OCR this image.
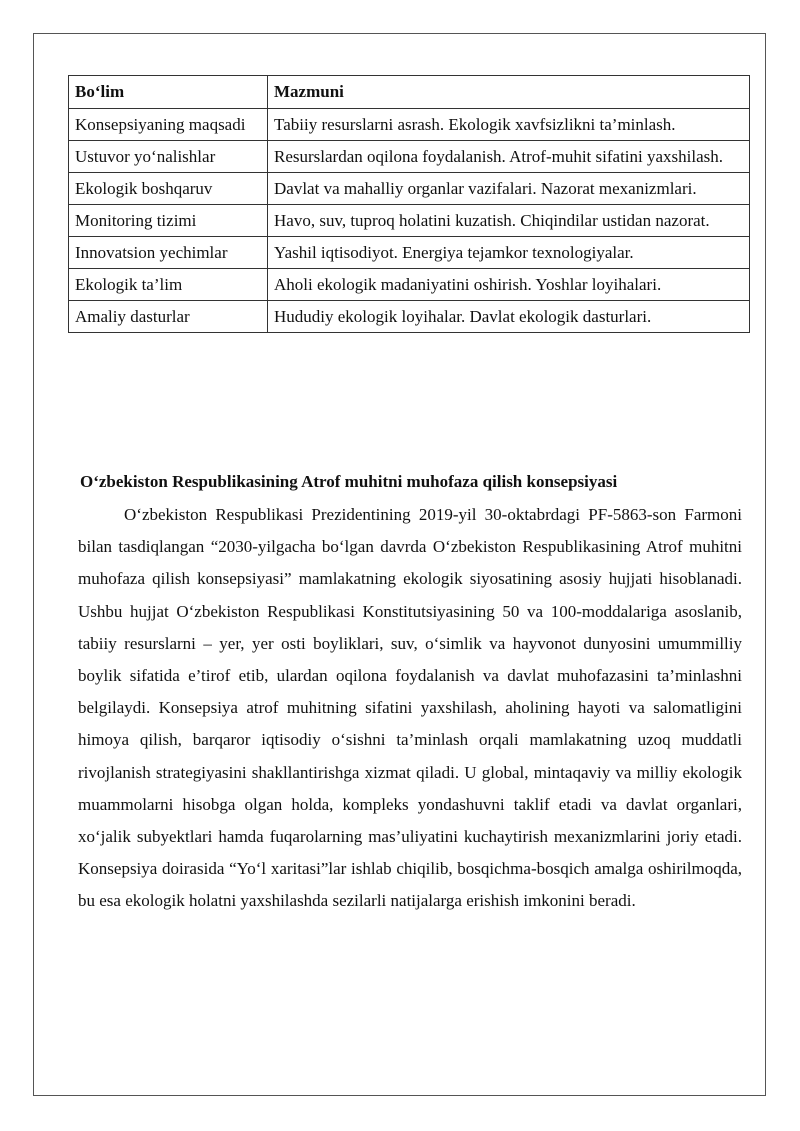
Bo‘lim	Mazmuni
Konsepsiyaning maqsadi	Tabiiy resurslarni asrash. Ekologik xavfsizlikni ta’minlash.
Ustuvor yo‘nalishlar	Resurslardan oqilona foydalanish. Atrof-muhit sifatini yaxshilash.
Ekologik boshqaruv	Davlat va mahalliy organlar vazifalari. Nazorat mexanizmlari.
Monitoring tizimi	Havo, suv, tuproq holatini kuzatish. Chiqindilar ustidan nazorat.
Innovatsion yechimlar	Yashil iqtisodiyot. Energiya tejamkor texnologiyalar.
Ekologik ta’lim	Aholi ekologik madaniyatini oshirish. Yoshlar loyihalari.
Amaliy dasturlar	Hududiy ekologik loyihalar. Davlat ekologik dasturlari.
O‘zbekiston Respublikasining Atrof muhitni muhofaza qilish konsepsiyasi

O‘zbekiston Respublikasi Prezidentining 2019-yil 30-oktabrdagi PF-5863-son Farmoni bilan tasdiqlangan “2030-yilgacha bo‘lgan davrda O‘zbekiston Respublikasining Atrof muhitni muhofaza qilish konsepsiyasi” mamlakatning ekologik siyosatining asosiy hujjati hisoblanadi. Ushbu hujjat O‘zbekiston Respublikasi Konstitutsiyasining 50 va 100-moddalariga asoslanib, tabiiy resurslarni – yer, yer osti boyliklari, suv, o‘simlik va hayvonot dunyosini umummilliy boylik sifatida e’tirof etib, ulardan oqilona foydalanish va davlat muhofazasini ta’minlashni belgilaydi. Konsepsiya atrof muhitning sifatini yaxshilash, aholining hayoti va salomatligini himoya qilish, barqaror iqtisodiy o‘sishni ta’minlash orqali mamlakatning uzoq muddatli rivojlanish strategiyasini shakllantirishga xizmat qiladi. U global, mintaqaviy va milliy ekologik muammolarni hisobga olgan holda, kompleks yondashuvni taklif etadi va davlat organlari, xo‘jalik subyektlari hamda fuqarolarning mas’uliyatini kuchaytirish mexanizmlarini joriy etadi. Konsepsiya doirasida “Yo‘l xaritasi”lar ishlab chiqilib, bosqichma-bosqich amalga oshirilmoqda, bu esa ekologik holatni yaxshilashda sezilarli natijalarga erishish imkonini beradi.
